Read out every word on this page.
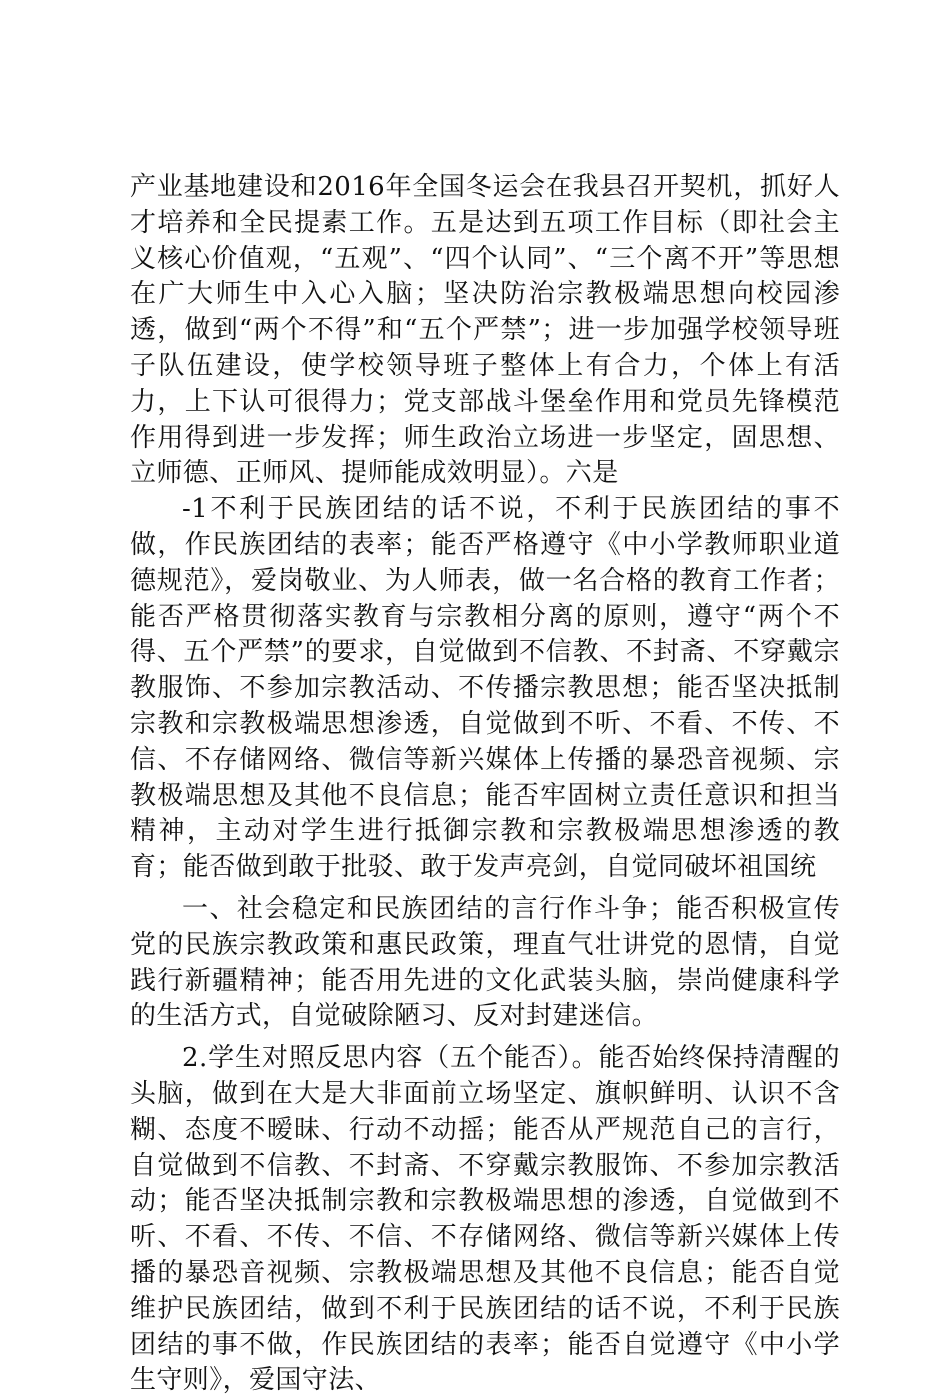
产业基地建设和2016年全国冬运会在我县召开契机，抓好人才培养和全民提素工作。五是达到五项工作目标（即社会主义核心价值观，“五观”、“四个认同”、“三个离不开”等思想在广大师生中入心入脑；坚决防治宗教极端思想向校园渗透，做到“两个不得”和“五个严禁”；进一步加强学校领导班子队伍建设，使学校领导班子整体上有合力，个体上有活力，上下认可很得力；党支部战斗堡垒作用和党员先锋模范作用得到进一步发挥；师生政治立场进一步坚定，固思想、立师德、正师风、提师能成效明显）。六是

-1不利于民族团结的话不说，不利于民族团结的事不做，作民族团结的表率；能否严格遵守《中小学教师职业道德规范》，爱岗敬业、为人师表，做一名合格的教育工作者；能否严格贯彻落实教育与宗教相分离的原则，遵守“两个不得、五个严禁”的要求，自觉做到不信教、不封斋、不穿戴宗教服饰、不参加宗教活动、不传播宗教思想；能否坚决抵制宗教和宗教极端思想渗透，自觉做到不听、不看、不传、不信、不存储网络、微信等新兴媒体上传播的暴恐音视频、宗教极端思想及其他不良信息；能否牢固树立责任意识和担当精神，主动对学生进行抵御宗教和宗教极端思想渗透的教育；能否做到敢于批驳、敢于发声亮剑，自觉同破坏祖国统

一、社会稳定和民族团结的言行作斗争；能否积极宣传党的民族宗教政策和惠民政策，理直气壮讲党的恩情，自觉践行新疆精神；能否用先进的文化武装头脑，崇尚健康科学的生活方式，自觉破除陋习、反对封建迷信。

2.学生对照反思内容（五个能否）。能否始终保持清醒的头脑，做到在大是大非面前立场坚定、旗帜鲜明、认识不含糊、态度不暧昧、行动不动摇；能否从严规范自己的言行，自觉做到不信教、不封斋、不穿戴宗教服饰、不参加宗教活动；能否坚决抵制宗教和宗教极端思想的渗透，自觉做到不听、不看、不传、不信、不存储网络、微信等新兴媒体上传播的暴恐音视频、宗教极端思想及其他不良信息；能否自觉维护民族团结，做到不利于民族团结的话不说，不利于民族团结的事不做，作民族团结的表率；能否自觉遵守《中小学生守则》，爱国守法、
